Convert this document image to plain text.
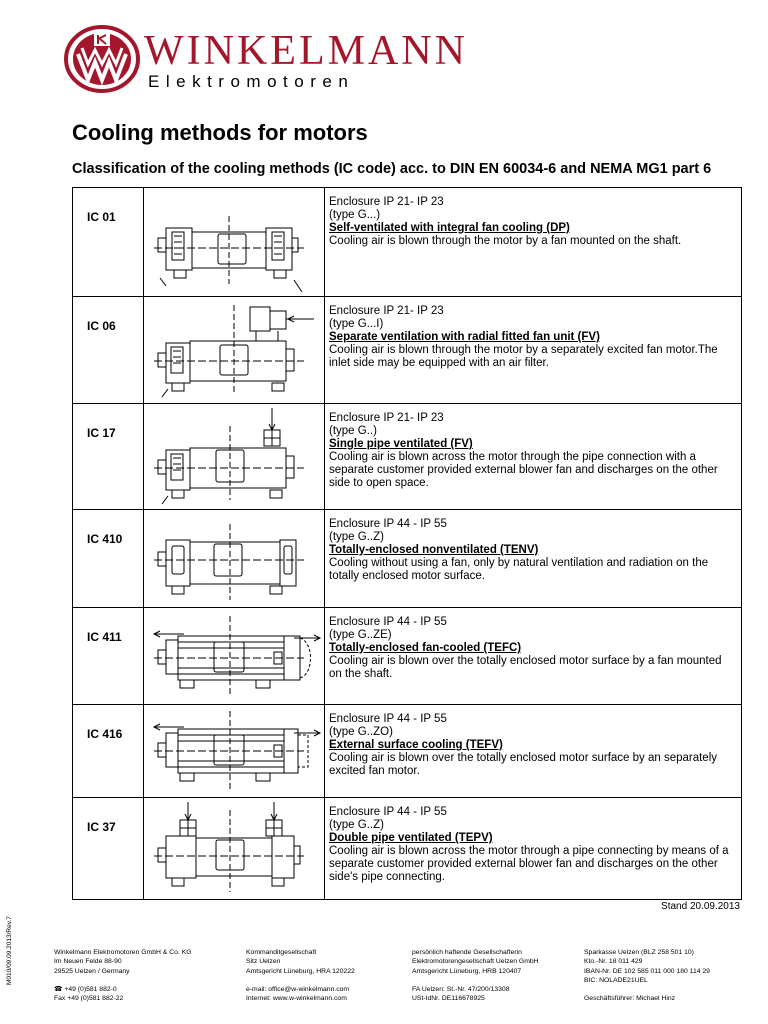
WINKELMANN
Elektromotoren
Cooling methods for motors
Classification of the cooling methods (IC code) acc. to DIN EN 60034-6 and NEMA MG1 part 6
IC 01		Enclosure IP 21- IP 23
(type G...)
Self-ventilated with integral fan cooling (DP)
Cooling air is blown through the motor by a fan mounted on the shaft.

IC 06		Enclosure IP 21- IP 23
(type G...I)
Separate ventilation with radial fitted fan unit (FV)
Cooling air is blown through the motor by a separately excited fan motor.The inlet side may be equipped with an air filter.

IC 17		Enclosure IP 21- IP 23
(type G..)
Single pipe ventilated (FV)
Cooling air is blown across the motor through the pipe connection with a separate customer provided external blower fan and discharges on the other side to open space.

IC 410		Enclosure IP 44 - IP 55
(type G..Z)
Totally-enclosed nonventilated (TENV)
Cooling without using a fan, only by natural ventilation and radiation on the totally enclosed motor surface.

IC 411		Enclosure IP 44 - IP 55
(type G..ZE)
Totally-enclosed fan-cooled (TEFC)
Cooling air is blown over the totally enclosed motor surface by a fan mounted on the shaft.

IC 416		Enclosure IP 44 - IP 55
(type G..ZO)
External surface cooling (TEFV)
Cooling air is blown over the totally enclosed motor surface by an separately excited fan motor.

IC 37		Enclosure IP 44 - IP 55
(type G..Z)
Double pipe ventilated (TEPV)
Cooling air is blown across the motor through a pipe connecting by means of a separate customer provided external blower fan and discharges on the other side's pipe connecting.
Stand 20.09.2013
M010/09.09.2013/Rev.7	Winkelmann Elektromotoren GmbH & Co. KG
Im Neuen Felde 88-90
29525 Uelzen / Germany

☎ +49 (0)581 882-0
Fax +49 (0)581 882-22
Kommanditgesellschaft
Sitz Uelzen
Amtsgericht Lüneburg, HRA 120222

e-mail: office@w-winkelmann.com
Internet: www.w-winkelmann.com
persönlich haftende Gesellschafterin
Elektromotorengesellschaft Uelzen GmbH
Amtsgericht Lüneburg, HRB 120407

FA Uelzen: St.-Nr. 47/200/13308
USt-IdNr. DE116678925
Sparkasse Uelzen (BLZ 258 501 10)
Kto.-Nr. 18 011 429
IBAN-Nr. DE 102 585 011 000 180 114 29
BIC: NOLADE21UEL

Geschäftsführer: Michael Hinz
